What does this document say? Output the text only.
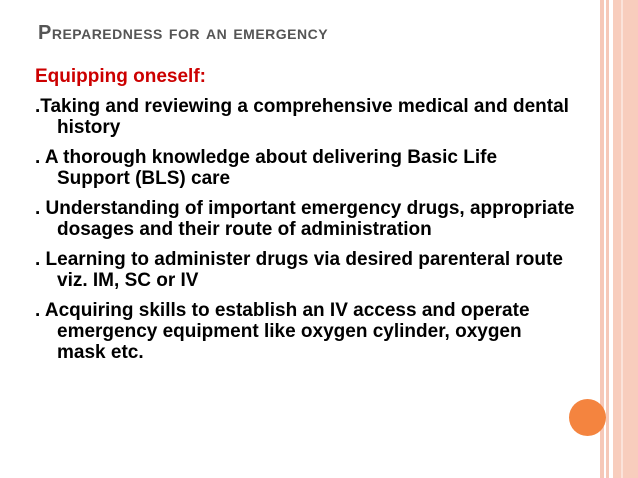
Preparedness for an emergency
Equipping oneself:
.Taking and reviewing a comprehensive medical and dental history
. A thorough knowledge about delivering Basic Life Support (BLS) care
. Understanding of important emergency drugs, appropriate dosages and their route of administration
. Learning to administer drugs via desired parenteral route viz. IM, SC or IV
. Acquiring skills to establish an IV access and operate emergency equipment like oxygen cylinder, oxygen mask etc.
